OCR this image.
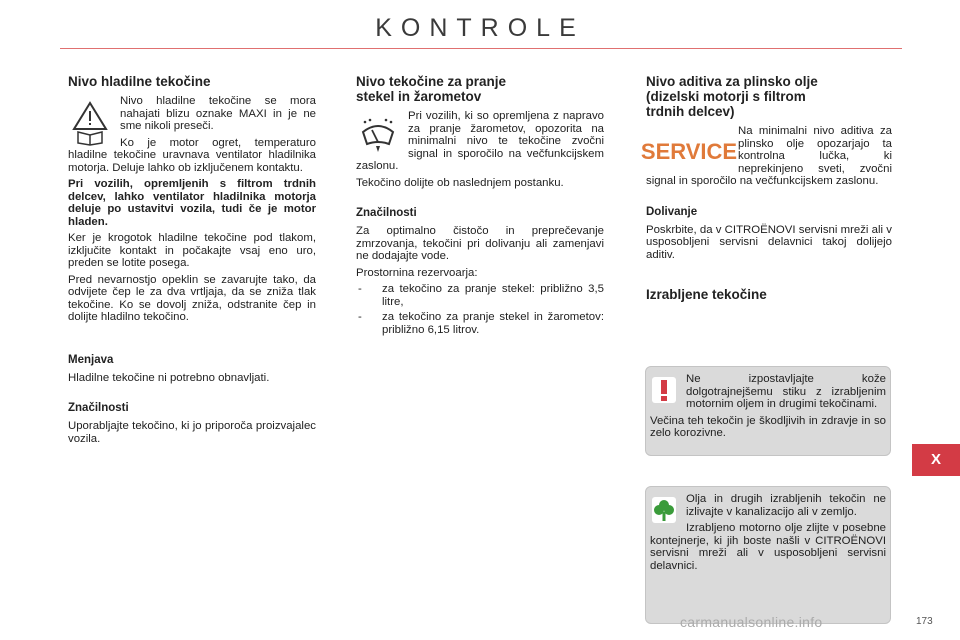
KONTROLE
Nivo hladilne tekočine

Nivo hladilne tekočine se mora nahajati blizu oznake MAXI in je ne sme nikoli preseči.

Ko je motor ogret, temperaturo hladilne tekočine uravnava ventilator hladilnika motorja. Deluje lahko ob izključenem kontaktu.

Pri vozilih, opremljenih s filtrom trdnih delcev, lahko ventilator hladilnika motorja deluje po ustavitvi vozila, tudi če je motor hladen.

Ker je krogotok hladilne tekočine pod tlakom, izključite kontakt in počakajte vsaj eno uro, preden se lotite posega.

Pred nevarnostjo opeklin se zavarujte tako, da odvijete čep le za dva vrtljaja, da se zniža tlak tekočine. Ko se dovolj zniža, odstranite čep in dolijte hladilno tekočino.

Menjava

Hladilne tekočine ni potrebno obnavljati.

Značilnosti

Uporabljajte tekočino, ki jo priporoča proizvajalec vozila.

Nivo tekočine za pranje
stekel in žarometov

Pri vozilih, ki so opremljena z napravo za pranje žarometov, opozorita na minimalni nivo te tekočine zvočni signal in sporočilo na večfunkcijskem zaslonu.

Tekočino dolijte ob naslednjem postanku.

Značilnosti

Za optimalno čistočo in preprečevanje zmrzovanja, tekočini pri dolivanju ali zamenjavi ne dodajajte vode.

Prostornina rezervoarja:

- za tekočino za pranje stekel: približno 3,5 litre,
- za tekočino za pranje stekel in žarometov: približno 6,15 litrov.
Nivo aditiva za plinsko olje
(dizelski motorji s filtrom
trdnih delcev)
SERVICE

Na minimalni nivo aditiva za plinsko olje opozarjajo ta kontrolna lučka, ki neprekinjeno sveti, zvočni signal in sporočilo na večfunkcijskem zaslonu.

Dolivanje

Poskrbite, da v CITROËNOVI servisni mreži ali v usposobljeni servisni delavnici takoj dolijejo aditiv.

Izrabljene tekočine

Ne izpostavljajte kože dolgotrajnejšemu stiku z izrabljenim motornim oljem in drugimi tekočinami.

Večina teh tekočin je škodljivih in zdravje in so zelo korozivne.

Olja in drugih izrabljenih tekočin ne izlivajte v kanalizacijo ali v zemljo.

Izrabljeno motorno olje zlijte v posebne kontejnerje, ki jih boste našli v CITROËNOVI servisni mreži ali v usposobljeni servisni delavnici.

X
carmanualsonline.info	173
